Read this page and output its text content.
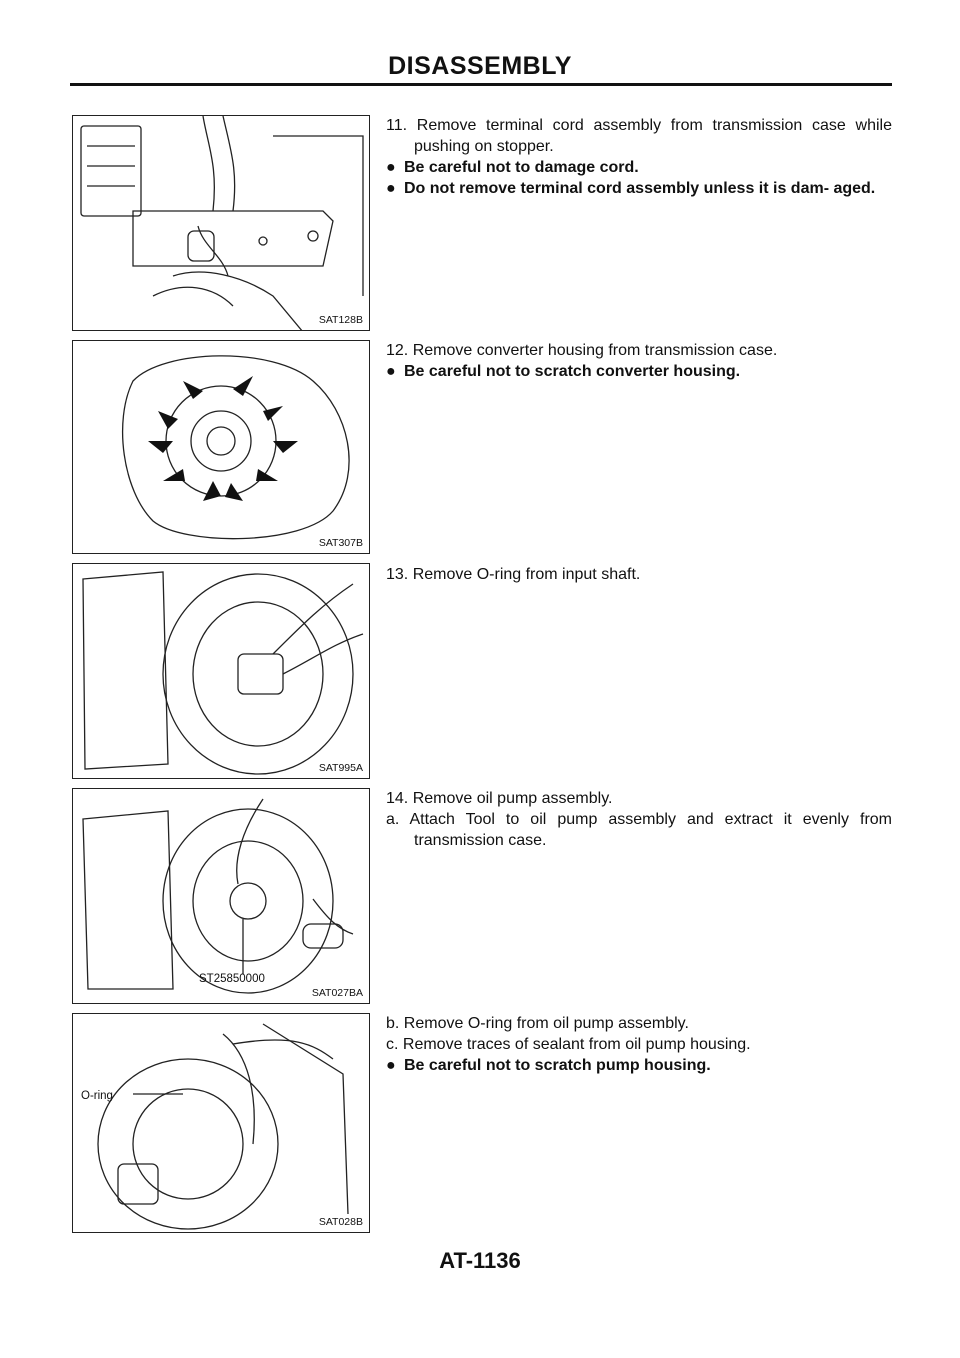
DISASSEMBLY
SAT128B
SAT307B
SAT995A
ST25850000
SAT027BA
O-ring
SAT028B
11. Remove terminal cord assembly from transmission case while pushing on stopper.
● Be careful not to damage cord.
● Do not remove terminal cord assembly unless it is dam- aged.
12. Remove converter housing from transmission case.
● Be careful not to scratch converter housing.
13. Remove O-ring from input shaft.
14. Remove oil pump assembly.
a. Attach Tool to oil pump assembly and extract it evenly from transmission case.
b. Remove O-ring from oil pump assembly.
c. Remove traces of sealant from oil pump housing.
● Be careful not to scratch pump housing.
AT-1136
